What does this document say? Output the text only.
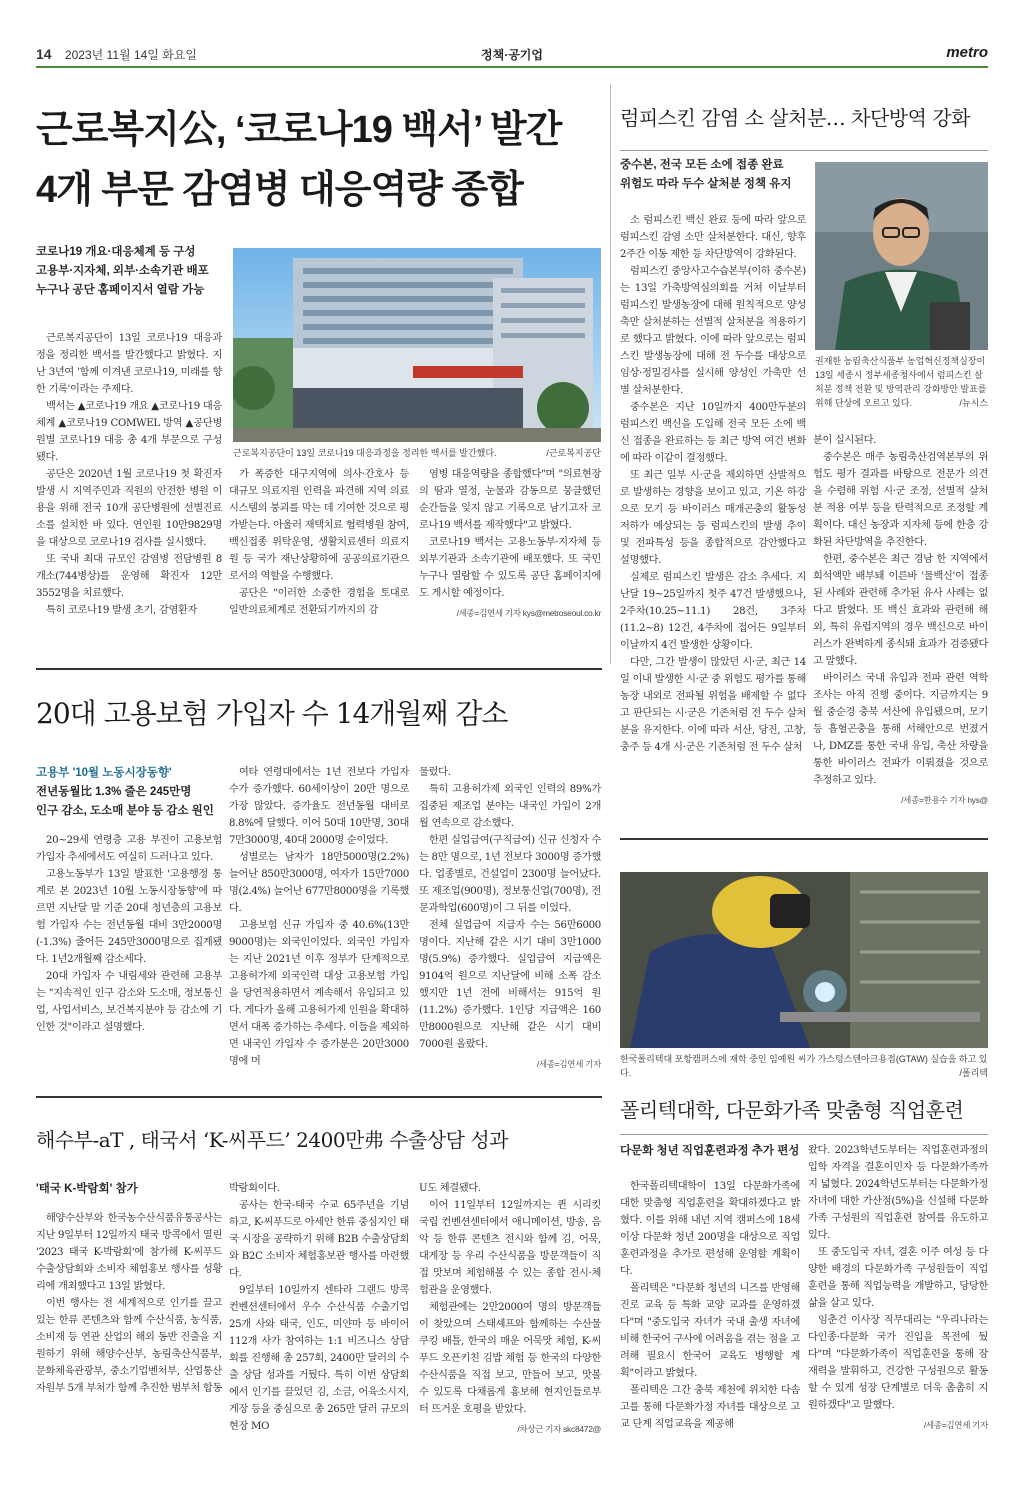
14 2023년 11월 14일 화요일	정책·공기업	metro
근로복지公, ‘코로나19 백서’ 발간
4개 부문 감염병 대응역량 종합
코로나19 개요·대응체계 등 구성
고용부·지자체, 외부·소속기관 배포
누구나 공단 홈페이지서 열람 가능
근로복지공단이 13일 코로나19 대응과정을 정리한 백서를 발간했다.	/근로복지공단

근로복지공단이 13일 코로나19 대응과정을 정리한 백서를 발간했다고 밝혔다. 지난 3년여 '함께 이겨낸 코로나19, 미래를 향한 기록'이라는 주제다.

백서는 ▲코로나19 개요 ▲코로나19 대응체계 ▲코로나19 COMWEL 방역 ▲공단병원별 코로나19 대응 총 4개 부문으로 구성됐다.

공단은 2020년 1월 코로나19 첫 확진자 발생 시 지역주민과 직원의 안전한 병원 이용을 위해 전국 10개 공단병원에 선별진료소를 설치한 바 있다. 연인원 10만9829명을 대상으로 코로나19 검사를 실시했다.

또 국내 최대 규모인 감염병 전담병원 8개소(744병상)를 운영해 확진자 12만3552명을 치료했다.

특히 코로나19 발생 초기, 감염환자

가 폭증한 대구지역에 의사·간호사 등 대규모 의료지원 인력을 파견해 지역 의료시스템의 붕괴를 막는 데 기여한 것으로 평가받는다. 아울러 재택치료 협력병원 참여, 백신접종 위탁운영, 생활치료센터 의료지원 등 국가 재난상황하에 공공의료기관으로서의 역할을 수행했다.

공단은 "이러한 소중한 경험을 토대로 일반의료체계로 전환되기까지의 감

염병 대응역량을 종합했다"며 "의료현장의 땀과 열정, 눈물과 감동으로 뭉클했던 순간들을 잊지 않고 기록으로 남기고자 코로나19 백서를 제작했다"고 밝혔다.

코로나19 백서는 고용노동부·지자체 등 외부기관과 소속기관에 배포했다. 또 국민 누구나 열람할 수 있도록 공단 홈페이지에도 게시할 예정이다.

/세종=김연세 기자 kys@metroseoul.co.kr
럼피스킨 감염 소 살처분… 차단방역 강화
중수본, 전국 모든 소에 접종 완료
위험도 따라 두수 살처분 정책 유지
권재한 농림축산식품부 농업혁신정책실장이 13일 세종시 정부세종청사에서 럼피스킨 살처분 정책 전환 및 방역관리 강화방안 발표를 위해 단상에 오르고 있다.	/뉴시스

소 럼피스킨 백신 완료 등에 따라 앞으로 럼피스킨 감염 소만 살처분한다. 대신, 향후 2주간 이동 제한 등 차단방역이 강화된다.

럼피스킨 중앙사고수습본부(이하 중수본)는 13일 가축방역심의회를 거쳐 이날부터 럼피스킨 발생농장에 대해 원칙적으로 양성축만 살처분하는 선별적 살처분을 적용하기로 했다고 밝혔다. 이에 따라 앞으로는 럼피스킨 발생농장에 대해 전 두수를 대상으로 임상·정밀검사를 실시해 양성인 가축만 선별 살처분한다.

중수본은 지난 10일까지 400만두분의 럼피스킨 백신을 도입해 전국 모든 소에 백신 접종을 완료하는 등 최근 방역 여건 변화에 따라 이같이 결정했다.

또 최근 일부 시·군을 제외하면 산발적으로 발생하는 경향을 보이고 있고, 기온 하강으로 모기 등 바이러스 매개곤충의 활동성 저하가 예상되는 등 럼피스킨의 발생 추이 및 전파특성 등을 종합적으로 감안했다고 설명했다.

실제로 럼피스킨 발생은 감소 추세다. 지난달 19~25일까지 첫주 47건 발생했으나, 2주차(10.25~11.1) 28건, 3주차(11.2~8) 12건, 4주차에 접어든 9일부터 이날까지 4건 발생한 상황이다.

다만, 그간 발생이 많았던 시·군, 최근 14일 이내 발생한 시·군 중 위험도 평가를 통해 농장 내외로 전파될 위험을 배제할 수 없다고 판단되는 시·군은 기존처럼 전 두수 살처분을 유지한다. 이에 따라 서산, 당진, 고창, 충주 등 4개 시·군은 기존처럼 전 두수 살처

분이 실시된다.

중수본은 매주 농림축산검역본부의 위험도 평가 결과를 바탕으로 전문가 의견을 수렴해 위험 시·군 조정, 선별적 살처분 적용 여부 등을 탄력적으로 조정할 계획이다. 대신 농장과 지자체 등에 한층 강화된 차단방역을 추진한다.

한편, 중수본은 최근 경남 한 지역에서 희석액만 배부돼 이른바 '물백신'이 접종된 사례와 관련해 추가된 유사 사례는 없다고 밝혔다. 또 백신 효과와 관련해 해외, 특히 유럽지역의 경우 백신으로 바이러스가 완벽하게 종식돼 효과가 검증됐다고 말했다.

바이러스 국내 유입과 전파 관련 역학조사는 아직 진행 중이다. 지금까지는 9월 중순경 충북 서산에 유입됐으며, 모기 등 흡혈곤충을 통해 서해안으로 번졌거나, DMZ를 통한 국내 유입, 축산 차량을 통한 바이러스 전파가 이뤄졌을 것으로 추정하고 있다.

/세종=한용수 기자 hys@
20대 고용보험 가입자 수 14개월째 감소
고용부 '10월 노동시장동향'
전년동월比 1.3% 줄은 245만명
인구 감소, 도소매 분야 등 감소 원인

20~29세 연령층 고용 부진이 고용보험 가입자 추세에서도 여실히 드러나고 있다.

고용노동부가 13일 발표한 '고용행정 통계로 본 2023년 10월 노동시장동향'에 따르면 지난달 말 기준 20대 청년층의 고용보험 가입자 수는 전년동월 대비 3만2000명(-1.3%) 줄어든 245만3000명으로 집계됐다. 1년2개월째 감소세다.

20대 가입자 수 내림세와 관련해 고용부는 "지속적인 인구 감소와 도소매, 정보통신업, 사업서비스, 보건복지분야 등 감소에 기인한 것"이라고 설명했다.

여타 연령대에서는 1년 전보다 가입자 수가 증가했다. 60세이상이 20만 명으로 가장 많았다. 증가율도 전년동월 대비로 8.8%에 달했다. 이어 50대 10만명, 30대 7만3000명, 40대 2000명 순이었다.

성별로는 남자가 18만5000명(2.2%) 늘어난 850만3000명, 여자가 15만7000명(2.4%) 늘어난 677만8000명을 기록했다.

고용보험 신규 가입자 중 40.6%(13만9000명)는 외국인이었다. 외국인 가입자는 지난 2021년 이후 정부가 단계적으로 고용허가제 외국인력 대상 고용보험 가입을 당연적용하면서 계속해서 유입되고 있다. 게다가 올해 고용허가제 인원을 확대하면서 대폭 증가하는 추세다. 이들을 제외하면 내국인 가입자 수 증가분은 20만3000명에 머

물렀다.

특히 고용허가제 외국인 인력의 89%가 집중된 제조업 분야는 내국인 가입이 2개월 연속으로 감소했다.

한편 실업급여(구직급여) 신규 신청자 수는 8만 명으로, 1년 전보다 3000명 증가했다. 업종별로, 건설업이 2300명 늘어났다. 또 제조업(900명), 정보통신업(700명), 전문과학업(600명)이 그 뒤를 이었다.

전체 실업급여 지급자 수는 56만6000명이다. 지난해 같은 시기 대비 3만1000명(5.9%) 증가했다. 실업급여 지급액은 9104억 원으로 지난달에 비해 소폭 감소했지만 1년 전에 비해서는 915억 원(11.2%) 증가했다. 1인당 지급액은 160만8000원으로 지난해 같은 시기 대비 7000원 올랐다.

/세종=김연세 기자 한국폴리텍대 포항캠퍼스에 재학 중인 임예원 씨가 가스텅스텐아크용접(GTAW) 실습을 하고 있다.	/폴리텍
폴리텍대학, 다문화가족 맞춤형 직업훈련
다문화 청년 직업훈련과정 추가 편성

한국폴리텍대학이 13일 다문화가족에 대한 맞춤형 직업훈련을 확대하겠다고 밝혔다. 이를 위해 내년 지역 캠퍼스에 18세이상 다문화 청년 200명을 대상으로 직업훈련과정을 추가로 편성해 운영할 계획이다.

폴리텍은 "다문화 청년의 니즈를 반영해 진로 교육 등 특화 교양 교과를 운영하겠다"며 "중도입국 자녀가 국내 출생 자녀에 비해 한국어 구사에 어려움을 겪는 점을 고려해 필요시 한국어 교육도 병행할 계획"이라고 밝혔다.

폴리텍은 그간 충북 제천에 위치한 다솜고를 통해 다문화가정 자녀를 대상으로 고교 단계 직업교육을 제공해

왔다. 2023학년도부터는 직업훈련과정의 입학 자격을 결혼이민자 등 다문화가족까지 넓혔다. 2024학년도부터는 다문화가정 자녀에 대한 가산점(5%)을 신설해 다문화가족 구성원의 직업훈련 참여를 유도하고 있다.

또 중도입국 자녀, 결혼 이주 여성 등 다양한 배경의 다문화가족 구성원들이 직업훈련을 통해 직업능력을 개발하고, 당당한 삶을 살고 있다.

임춘건 이사장 직무대리는 "우리나라는 다인종·다문화 국가 진입을 목전에 뒀다"며 "다문화가족이 직업훈련을 통해 잠재력을 발휘하고, 건강한 구성원으로 활동할 수 있게 성장 단계별로 더욱 촘촘히 지원하겠다"고 말했다.

/세종=김연세 기자
해수부-aT , 태국서 ‘K-씨푸드’ 2400만弗 수출상담 성과
'태국 K-박람회' 참가

해양수산부와 한국농수산식품유통공사는 지난 9일부터 12일까지 태국 방콕에서 열린 '2023 태국 K-박람회'에 참가해 K-씨푸드 수출상담회와 소비자 체험홍보 행사를 성황리에 개최했다고 13일 밝혔다.

이번 행사는 전 세계적으로 인기를 끌고 있는 한류 콘텐츠와 함께 수산식품, 농식품, 소비재 등 연관 산업의 해외 동반 진출을 지원하기 위해 해양수산부, 농림축산식품부, 문화체육관광부, 중소기업벤처부, 산업통산자원부 5개 부처가 함께 추진한 범부처 합동

박람회이다.

공사는 한국-태국 수교 65주년을 기념하고, K-씨푸드로 아세안 한류 중심지인 태국 시장을 공략하기 위해 B2B 수출상담회와 B2C 소비자 체험홍보관 행사를 마련했다.

9일부터 10일까지 센타라 그랜드 방콕 컨벤션센터에서 우수 수산식품 수출기업 25개 사와 태국, 인도, 미얀마 등 바이어 112개 사가 참여하는 1:1 비즈니스 상담회를 진행해 총 257회, 2400만 달러의 수출 상담 성과를 거뒀다. 특히 이번 상담회에서 인기를 끌었던 김, 소금, 어육소시지, 게장 등을 중심으로 총 265만 달러 규모의 현장 MO

U도 체결됐다.

이어 11일부터 12일까지는 퀸 시리킷 국립 컨벤션센터에서 애니메이션, 방송, 음악 등 한류 콘텐츠 전시와 함께 김, 어묵, 대게장 등 우리 수산식품을 방문객들이 직접 맛보며 체험해볼 수 있는 종합 전시·체험관을 운영했다.

체험관에는 2만2000여 명의 방문객들이 찾았으며 스태셰프와 함께하는 수산물 쿠킹 배틀, 한국의 매운 어묵맛 체험, K-씨푸드 오픈키친 김밥 체험 등 한국의 다양한 수산식품을 직접 보고, 만들어 보고, 맛볼 수 있도록 다채롭게 홍보해 현지인들로부터 뜨거운 호평을 받았다.

/차상근 기자 skc8472@
